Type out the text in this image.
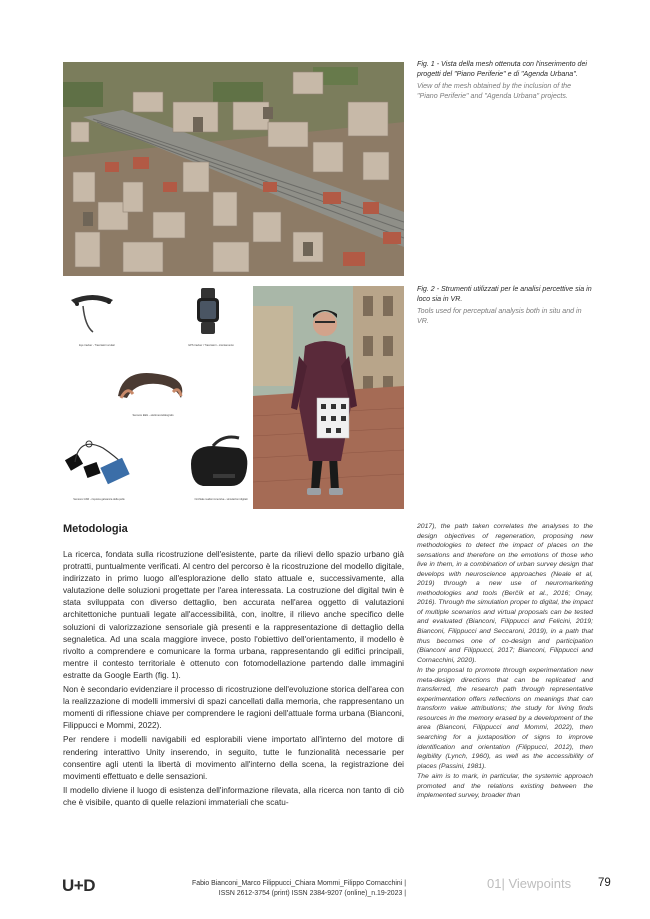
Eye tracker - Tracciatori oculari	GPS tracker / Tracciatori - orientamento
Sensore EEG - elettroencefalografo
Sensore GSR - risposta galvanica della pelle	Occhiale realtà immersiva - simulazioni digitali

Fig. 1 - Vista della mesh ottenuta con l'inserimento dei progetti del "Piano Periferie" e di "Agenda Urbana".

View of the mesh obtained by the inclusion of the "Piano Periferie" and "Agenda Urbana" projects.

Fig. 2 - Strumenti utilizzati per le analisi percettive sia in loco sia in VR.

Tools used for perceptual analysis both in situ and in VR.

Metodologia

La ricerca, fondata sulla ricostruzione dell'esistente, parte da rilievi dello spazio urbano già protratti, puntualmente verificati. Al centro del percorso è la ricostruzione del modello digitale, indirizzato in primo luogo all'esplorazione dello stato attuale e, successivamente, alla valutazione delle soluzioni progettate per l'area interessata. La costruzione del digital twin è stata sviluppata con diverso dettaglio, ben accurata nell'area oggetto di valutazioni architettoniche puntuali legate all'accessibilità, con, inoltre, il rilievo anche specifico delle soluzioni di valorizzazione sensoriale già presenti e la rappresentazione di dettaglio della segnaletica. Ad una scala maggiore invece, posto l'obiettivo dell'orientamento, il modello è rivolto a comprendere e comunicare la forma urbana, rappresentando gli edifici principali, mentre il contesto territoriale è ottenuto con fotomodellazione partendo dalle immagini estratte da Google Earth (fig. 1).

Non è secondario evidenziare il processo di ricostruzione dell'evoluzione storica dell'area con la realizzazione di modelli immersivi di spazi cancellati dalla memoria, che rappresentano un momenti di riflessione chiave per comprendere le ragioni dell'attuale forma urbana (Bianconi, Filippucci e Mommi, 2022).

Per rendere i modelli navigabili ed esplorabili viene importato all'interno del motore di rendering interattivo Unity inserendo, in seguito, tutte le funzionalità necessarie per consentire agli utenti la libertà di movimento all'interno della scena, la registrazione dei movimenti effettuato e delle sensazioni.

Il modello diviene il luogo di esistenza dell'informazione rilevata, alla ricerca non tanto di ciò che è visibile, quanto di quelle relazioni immateriali che scatu-

2017), the path taken correlates the analyses to the design objectives of regeneration, proposing new methodologies to detect the impact of places on the sensations and therefore on the emotions of those who live in them, in a combination of urban survey design that develops with neuroscience approaches (Neale et al, 2019) through a new use of neuromarketing methodologies and tools (Berčík et al., 2016; Onay, 2016). Through the simulation proper to digital, the impact of multiple scenarios and virtual proposals can be tested and evaluated (Bianconi, Filippucci and Felicini, 2019; Bianconi, Filippucci and Seccaroni, 2019), in a path that thus becomes one of co-design and participation (Bianconi and Filippucci, 2017; Bianconi, Filippucci and Cornacchini, 2020).

In the proposal to promote through experimentation new meta-design directions that can be replicated and transferred, the research path through representative experimentation offers reflections on meanings that can transform value attributions; the study for living finds resources in the memory erased by a development of the area (Bianconi, Filippucci and Mommi, 2022), then searching for a juxtaposition of signs to improve identification and orientation (Filippucci, 2012), then legibility (Lynch, 1960), as well as the accessibility of places (Passini, 1981).

The aim is to mark, in particular, the systemic approach promoted and the relations existing between the implemented survey, broader than

U+D	Fabio Bianconi_Marco Filippucci_Chiara Mommi_Filippo Cornacchini |

ISSN 2612-3754 (print) ISSN 2384-9207 (online)_n.19-2023 |

01| Viewpoints 79
